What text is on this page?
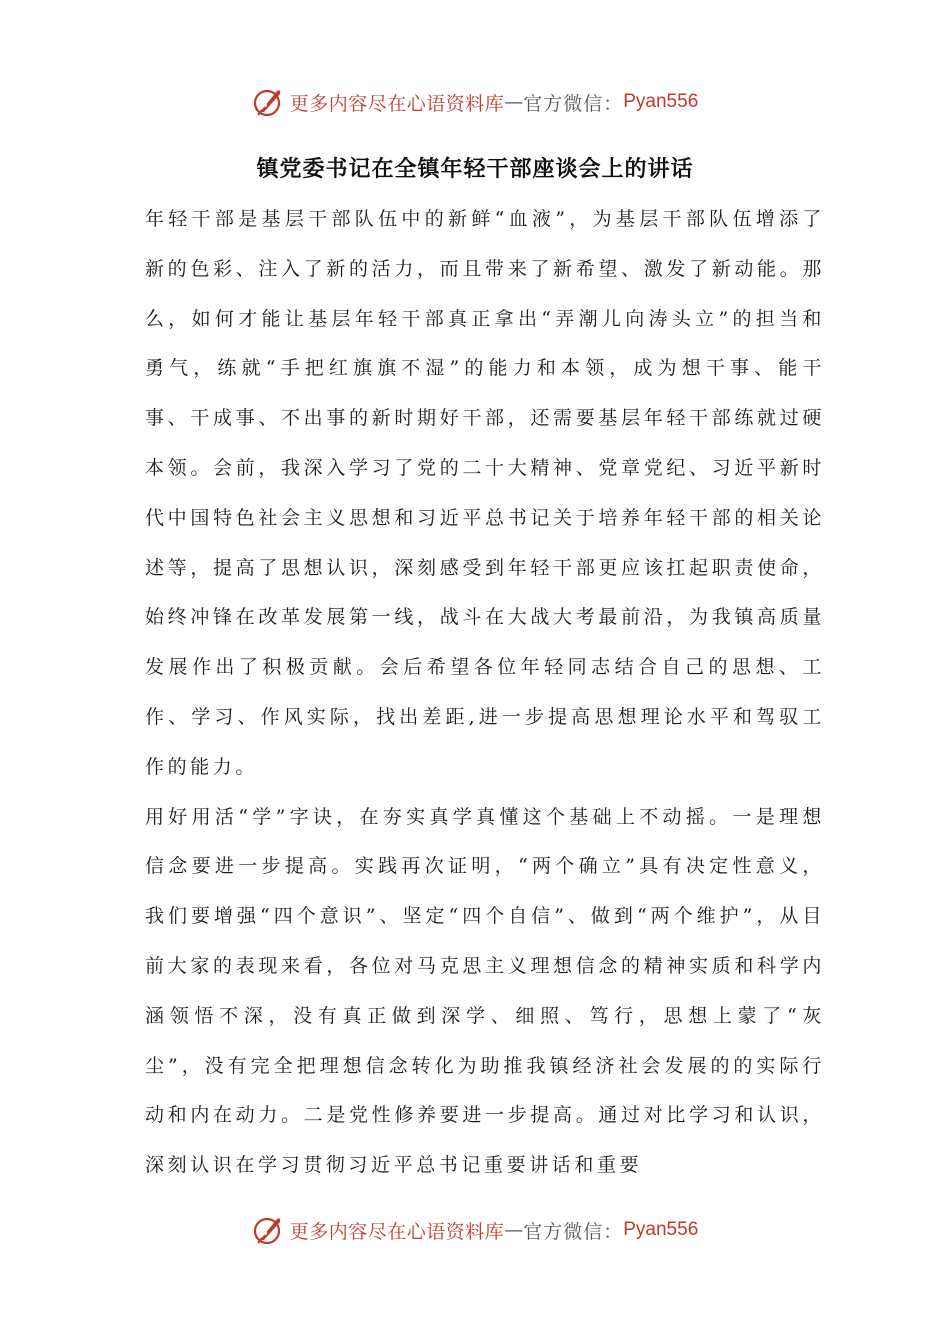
更多内容尽在心语资料库 — 官方微信： Pyan556
镇党委书记在全镇年轻干部座谈会上的讲话

年轻干部是基层干部队伍中的新鲜“血液”，为基层干部队伍增添了新的色彩、注入了新的活力，而且带来了新希望、激发了新动能。那么，如何才能让基层年轻干部真正拿出“弄潮儿向涛头立”的担当和勇气，练就“手把红旗旗不湿”的能力和本领，成为想干事、能干事、干成事、不出事的新时期好干部，还需要基层年轻干部练就过硬本领。会前，我深入学习了党的二十大精神、党章党纪、习近平新时代中国特色社会主义思想和习近平总书记关于培养年轻干部的相关论述等，提高了思想认识，深刻感受到年轻干部更应该扛起职责使命，始终冲锋在改革发展第一线，战斗在大战大考最前沿，为我镇高质量发展作出了积极贡献。会后希望各位年轻同志结合自己的思想、工作、学习、作风实际，找出差距,进一步提高思想理论水平和驾驭工作的能力。

用好用活“学”字诀，在夯实真学真懂这个基础上不动摇。一是理想信念要进一步提高。实践再次证明，“两个确立”具有决定性意义，我们要增强“四个意识”、坚定“四个自信”、做到“两个维护”，从目前大家的表现来看，各位对马克思主义理想信念的精神实质和科学内涵领悟不深，没有真正做到深学、细照、笃行，思想上蒙了“灰尘”，没有完全把理想信念转化为助推我镇经济社会发展的的实际行动和内在动力。二是党性修养要进一步提高。通过对比学习和认识，深刻认识在学习贯彻习近平总书记重要讲话和重要

更多内容尽在心语资料库 — 官方微信： Pyan556
